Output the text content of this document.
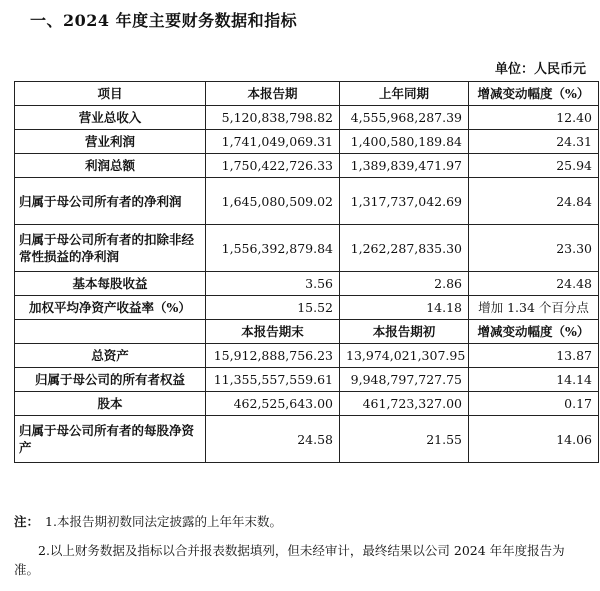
一、2024 年度主要财务数据和指标
单位：人民币元
项目	本报告期	上年同期	增减变动幅度（%）
营业总收入	5,120,838,798.82	4,555,968,287.39	12.40
营业利润	1,741,049,069.31	1,400,580,189.84	24.31
利润总额	1,750,422,726.33	1,389,839,471.97	25.94
归属于母公司所有者的净利润	1,645,080,509.02	1,317,737,042.69	24.84
归属于母公司所有者的扣除非经常性损益的净利润	1,556,392,879.84	1,262,287,835.30	23.30
基本每股收益	3.56	2.86	24.48
加权平均净资产收益率（%）	15.52	14.18	增加 1.34 个百分点
	本报告期末	本报告期初	增减变动幅度（%）
总资产	15,912,888,756.23	13,974,021,307.95	13.87
归属于母公司的所有者权益	11,355,557,559.61	9,948,797,727.75	14.14
股本	462,525,643.00	461,723,327.00	0.17
归属于母公司所有者的每股净资产	24.58	21.55	14.06
注： 1.本报告期初数同法定披露的上年年末数。
2.以上财务数据及指标以合并报表数据填列，但未经审计，最终结果以公司 2024 年年度报告为准。
